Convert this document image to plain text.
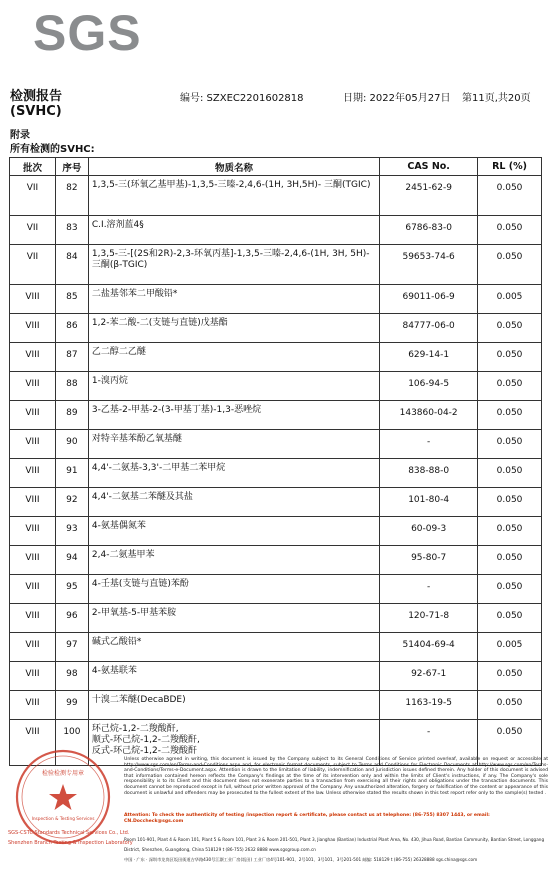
SGS
检测报告
(SVHC)
编号: SZXEC2201602818	日期: 2022年05月27日 第11页,共20页
附录
所有检测的SVHC:
批次	序号	物质名称	CAS No.	RL (%)
VII	82	1,3,5-三(环氧乙基甲基)-1,3,5-三嗪-2,4,6-(1H, 3H,5H)- 三酮(TGIC)	2451-62-9	0.050
VII	83	C.I.溶剂蓝4§	6786-83-0	0.050
VII	84	1,3,5-三-[(2S和2R)-2,3-环氧丙基]-1,3,5-三嗪-2,4,6-(1H, 3H, 5H)-三酮(β-TGIC)	59653-74-6	0.050
VIII	85	二盐基邻苯二甲酸铅*	69011-06-9	0.005
VIII	86	1,2-苯二酸-二(支链与直链)戊基酯	84777-06-0	0.050
VIII	87	乙二醇二乙醚	629-14-1	0.050
VIII	88	1-溴丙烷	106-94-5	0.050
VIII	89	3-乙基-2-甲基-2-(3-甲基丁基)-1,3-恶唑烷	143860-04-2	0.050
VIII	90	对特辛基苯酚乙氧基醚	-	0.050
VIII	91	4,4'-二氨基-3,3'-二甲基二苯甲烷	838-88-0	0.050
VIII	92	4,4'-二氨基二苯醚及其盐	101-80-4	0.050
VIII	93	4-氨基偶氮苯	60-09-3	0.050
VIII	94	2,4-二氨基甲苯	95-80-7	0.050
VIII	95	4-壬基(支链与直链)苯酚	-	0.050
VIII	96	2-甲氧基-5-甲基苯胺	120-71-8	0.050
VIII	97	碱式乙酸铅*	51404-69-4	0.005
VIII	98	4-氨基联苯	92-67-1	0.050
VIII	99	十溴二苯醚(DecaBDE)	1163-19-5	0.050
VIII	100	环己烷-1,2-二羧酸酐,
顺式-环己烷-1,2-二羧酸酐,
反式-环己烷-1,2-二羧酸酐	-	0.050
检验检测专用章
Inspection & Testing Services
SGS-CSTC Standards Technical Services Co., Ltd.
Shenzhen Branch Testing & Inspection Laboratory
Unless otherwise agreed in writing, this document is issued by the Company subject to its General Conditions of Service printed overleaf, available on request or accessible at http://www.sgs.com/en/Terms-and-Conditions.aspx and, for electronic format documents, subject to Terms and Conditions for Electronic Documents at http://www.sgs.com/en/Terms-and-Conditions/Terms-e-Document.aspx. Attention is drawn to the limitation of liability, indemnification and jurisdiction issues defined therein. Any holder of this document is advised that information contained hereon reflects the Company's findings at the time of its intervention only and within the limits of Client's instructions, if any. The Company's sole responsibility is to its Client and this document does not exonerate parties to a transaction from exercising all their rights and obligations under the transaction documents. This document cannot be reproduced except in full, without prior written approval of the Company. Any unauthorized alteration, forgery or falsification of the content or appearance of this document is unlawful and offenders may be prosecuted to the fullest extent of the law. Unless otherwise stated the results shown in this test report refer only to the sample(s) tested .
Attention: To check the authenticity of testing /inspection report & certificate, please contact us at telephone: (86-755) 8307 1443, or email: CN.Doccheck@sgs.com
Room 101-901, Plant 4 & Room 101, Plant 5 & Room 101, Plant 3 & Room 201-501, Plant 3, Jianghao (Bantian) Industrial Plant Area, No. 430, Jihua Road, Bantian Community, Bantian Street, Longgang District, Shenzhen, Guangdong, China 518129 t (86-755) 2632 8888 www.sgsgroup.com.cn
中国 · 广东 · 深圳市龙岗区坂田街道吉华路430号江灏工业厂房(坂田) 工业厂房4号101-901、2号101、3号101、3号201-501 邮编: 518129 t (86-755) 26328888 sgs.china@sgs.com
